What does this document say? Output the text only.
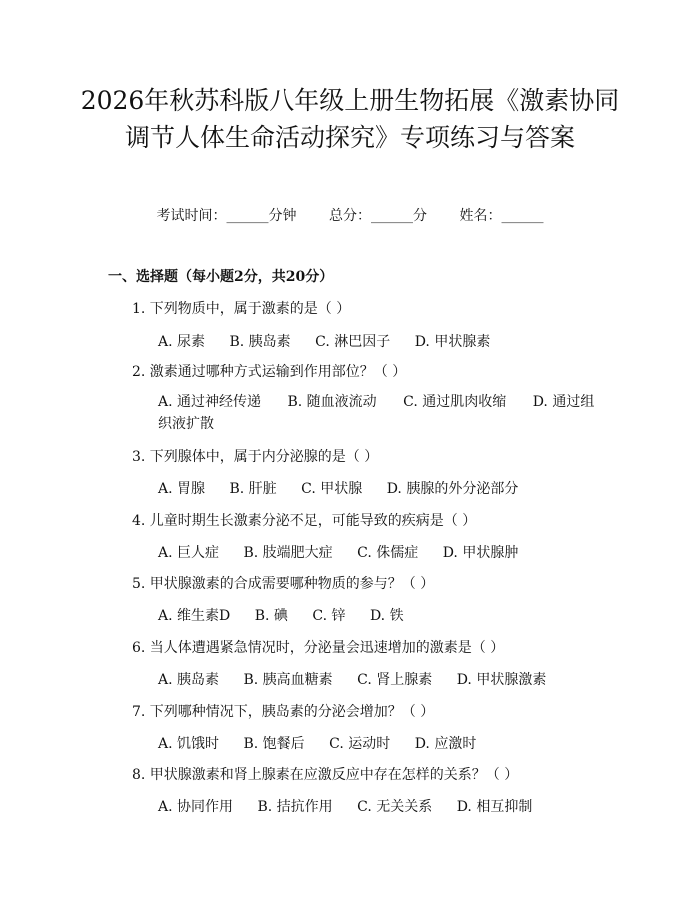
2026年秋苏科版八年级上册生物拓展《激素协同调节人体生命活动探究》专项练习与答案
考试时间：______分钟 总分：______分 姓名：______
一、选择题（每小题2分，共20分）
1. 下列物质中，属于激素的是（ ）
A. 尿素 B. 胰岛素 C. 淋巴因子 D. 甲状腺素
2. 激素通过哪种方式运输到作用部位？（ ）
A. 通过神经传递 B. 随血液流动 C. 通过肌肉收缩 D. 通过组织液扩散
3. 下列腺体中，属于内分泌腺的是（ ）
A. 胃腺 B. 肝脏 C. 甲状腺 D. 胰腺的外分泌部分
4. 儿童时期生长激素分泌不足，可能导致的疾病是（ ）
A. 巨人症 B. 肢端肥大症 C. 侏儒症 D. 甲状腺肿
5. 甲状腺激素的合成需要哪种物质的参与？（ ）
A. 维生素D B. 碘 C. 锌 D. 铁
6. 当人体遭遇紧急情况时，分泌量会迅速增加的激素是（ ）
A. 胰岛素 B. 胰高血糖素 C. 肾上腺素 D. 甲状腺激素
7. 下列哪种情况下，胰岛素的分泌会增加？（ ）
A. 饥饿时 B. 饱餐后 C. 运动时 D. 应激时
8. 甲状腺激素和肾上腺素在应激反应中存在怎样的关系？（ ）
A. 协同作用 B. 拮抗作用 C. 无关关系 D. 相互抑制
